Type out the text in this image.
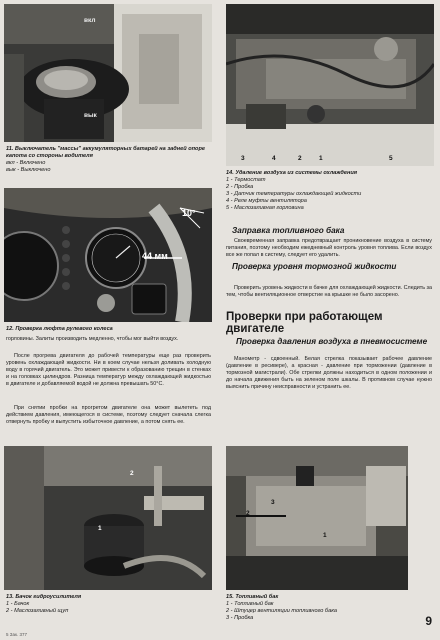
вкл
вык
11. Выключатель "массы" аккумуляторных батарей на задней опоре капота со стороны водителя
вкл - Включено
вык - Выключено
3	4	2	1	5
14. Удаление воздуха из системы охлаждения
1 - Термостат
2 - Пробка
3 - Датчик температуры охлаждающей жидкости
4 - Реле муфты вентилятора
5 - Маслозаливная горловина
10°
44 мм
12. Проверка люфта рулевого колеса
горловины. Залиты производить медленно, чтобы мог выйти воздух.
После прогрева двигателя до рабочей температуры еще раз проверить уровень охлаждающей жидкости. Ни в коем случае нельзя доливать холодную воду в горячий двигатель. Это может привести к образованию трещин в стенках и на головках цилиндров. Разница температур между охлаждающей жидкостью в двигателе и добавляемой водой не должна превышать 50°С.
При снятии пробки на прогретом двигателе она может вылететь под действием давления, имеющегося в системе, поэтому следует сначала слегка отвернуть пробку и выпустить избыточное давление, а потом снять ее.
Заправка топливного бака
Своевременная заправка предотвращает проникновение воздуха в систему питания, поэтому необходим ежедневный контроль уровня топлива. Если воздух все же попал в систему, следует его удалить.
Проверка уровня тормозной жидкости
Проверить уровень жидкости в бачке для охлаждающей жидкости. Следить за тем, чтобы вентиляционное отверстие на крышке не было засорено.
Проверки при работающем двигателе
Проверка давления воздуха в пневмосистеме
Манометр - сдвоенный. Белая стрелка показывает рабочее давление (давление в ресивере), а красная - давление при торможении (давление в тормозной магистрали). Обе стрелки должны находиться в одном положении и до начала движения быть на зеленом поле шкалы. В противном случае нужно выяснить причину неисправности и устранить ее.
1
2
13. Бачок гидроусилителя
1 - Бачок
2 - Маслозаливный щуп
1
2
3
15. Топливный бак
1 - Топливный бак
2 - Штуцер вентиляции топливного бака
3 - Пробка	9
5 Зак. 377
